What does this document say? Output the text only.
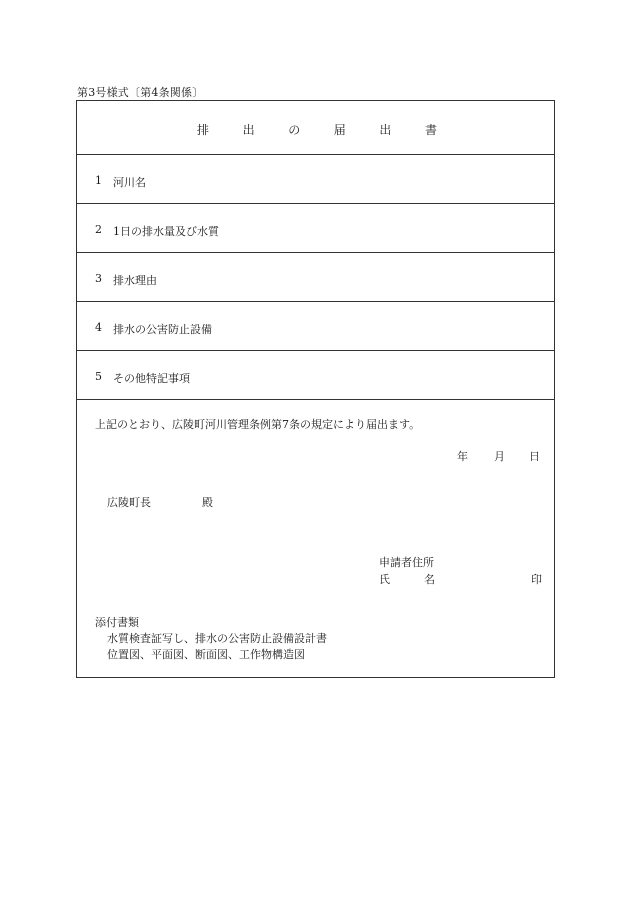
第3号様式〔第4条関係〕
排	出	の	届	出	書
1 河川名
2 1日の排水量及び水質
3 排水理由
4 排水の公害防止設備
5 その他特記事項
上記のとおり、広陵町河川管理条例第7条の規定により届出ます。
年 月 日
広陵町長	殿
申請者住所
氏	名	印
添付書類
水質検査証写し、排水の公害防止設備設計書
位置図、平面図、断面図、工作物構造図
